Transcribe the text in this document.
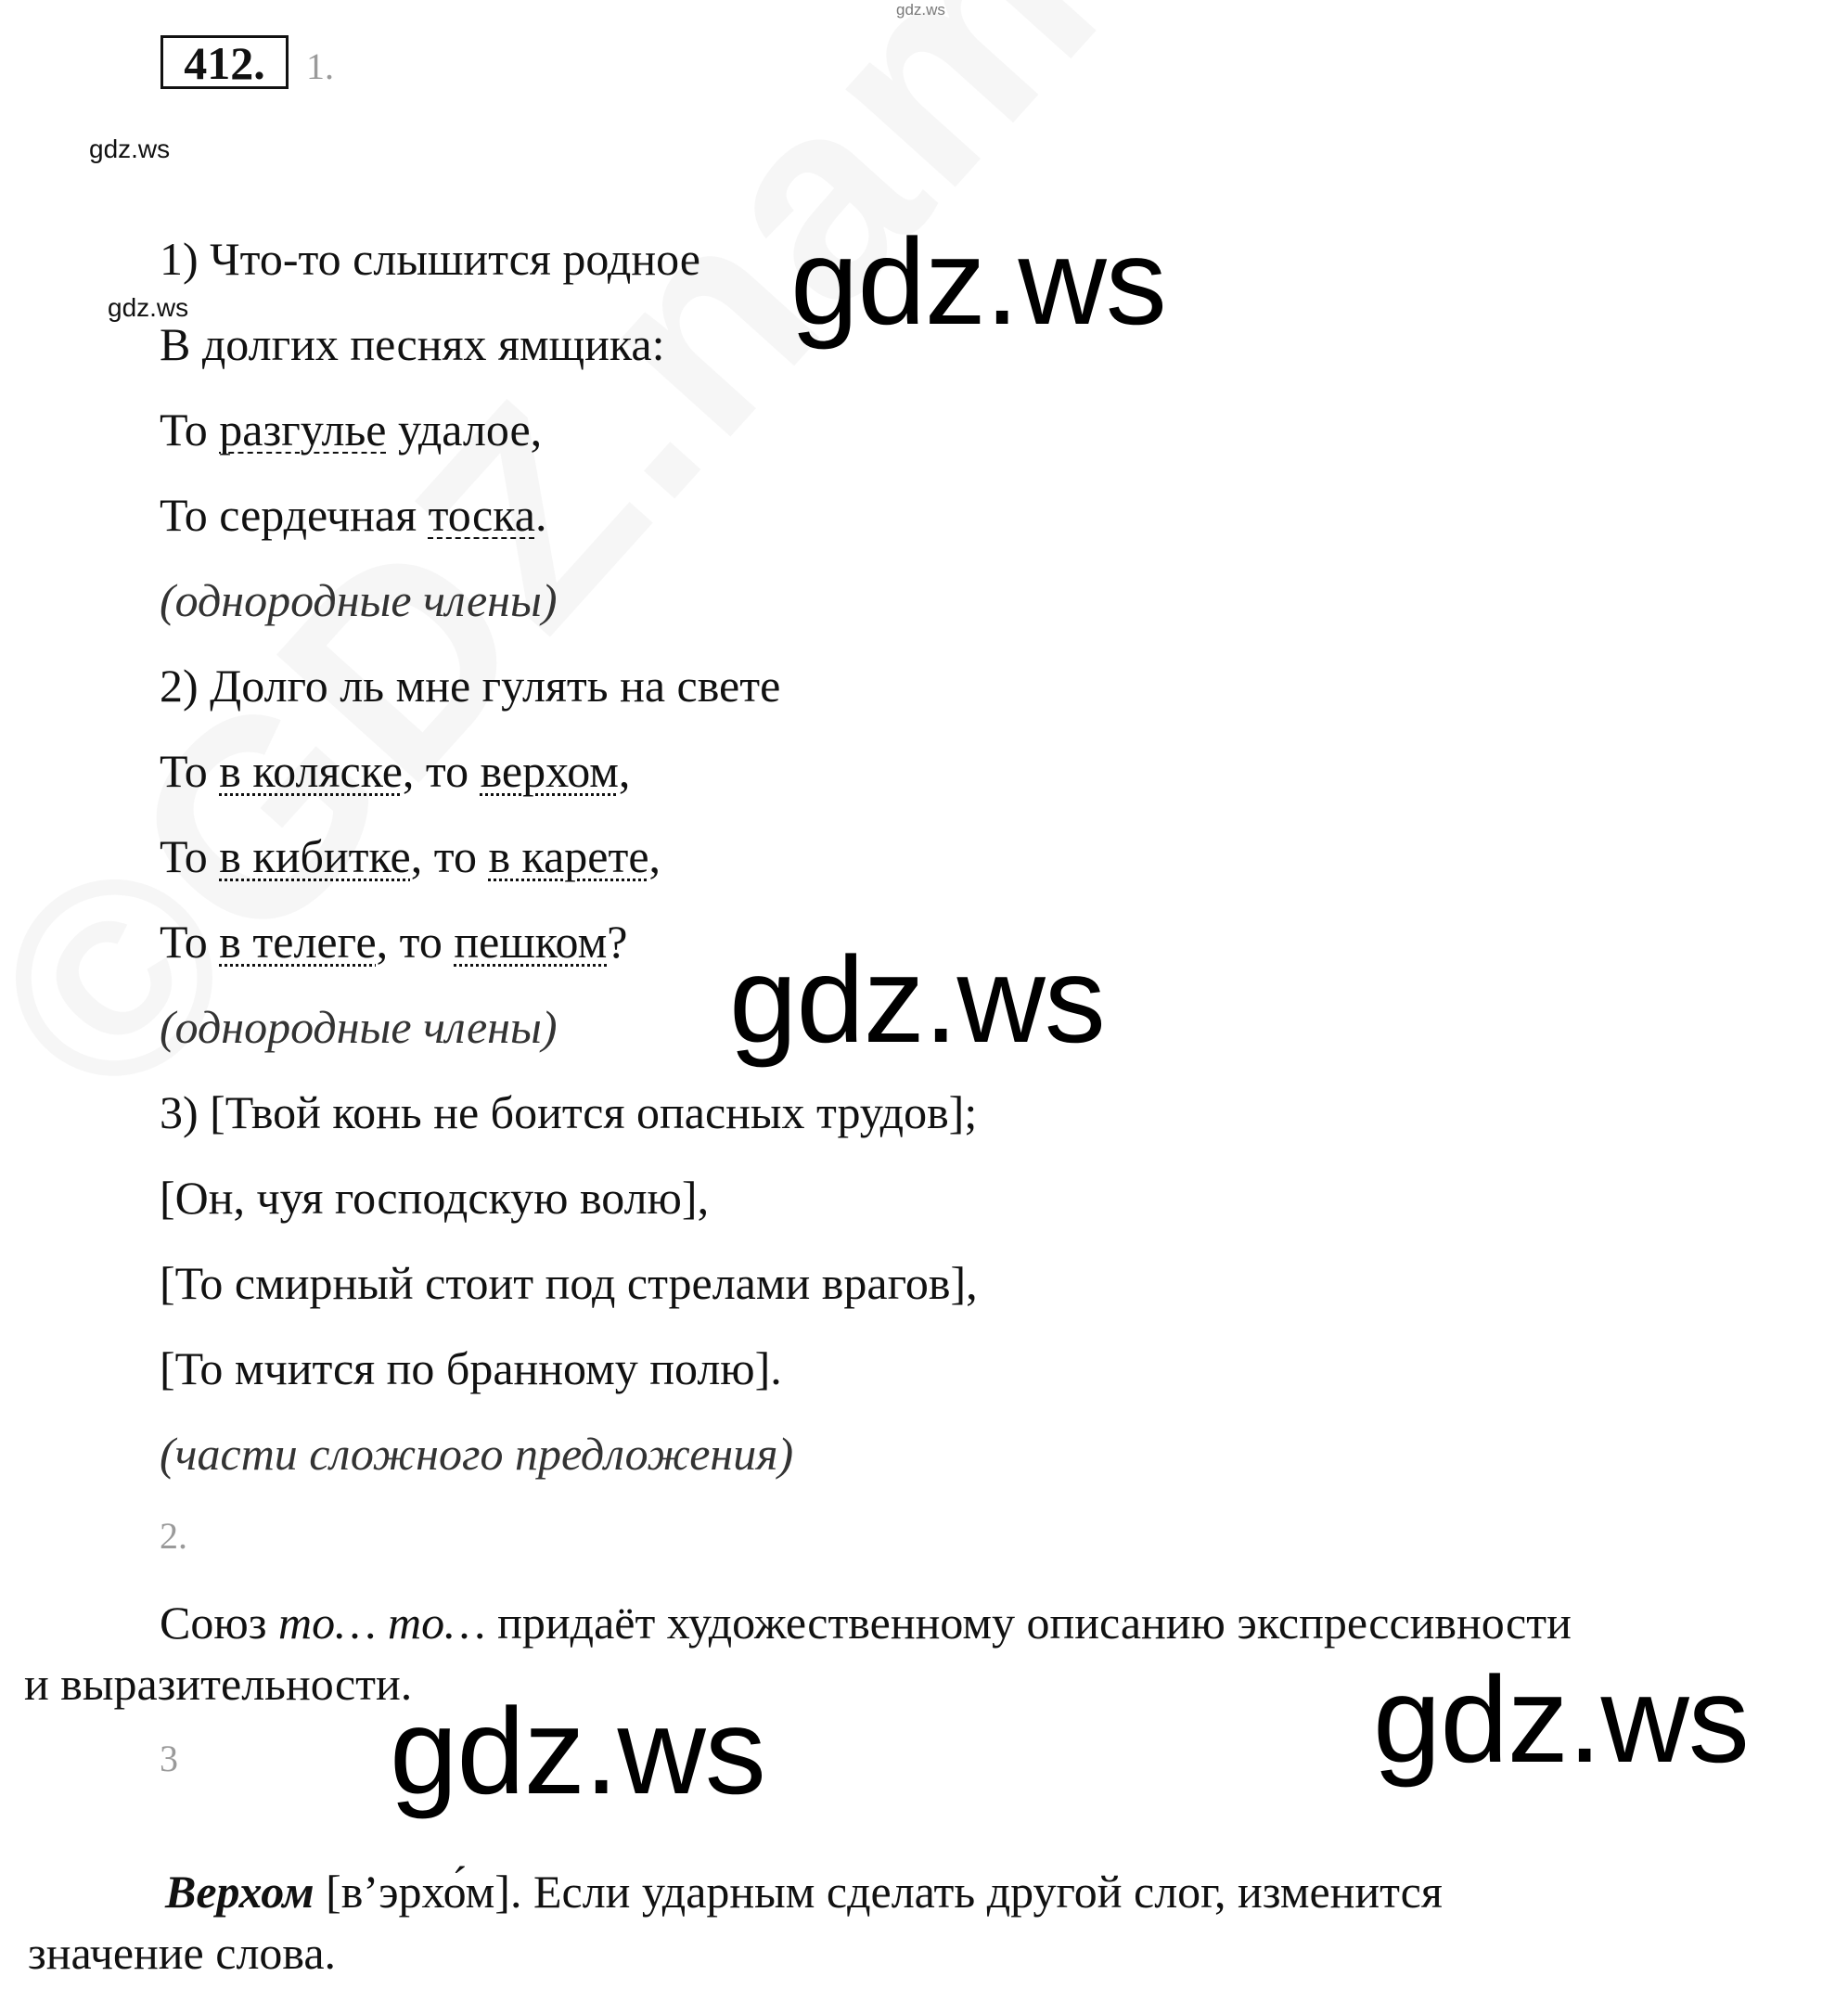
gdz.ws
412.	1.
gdz.ws
gdz.ws
1) Что-то слышится родное
В долгих песнях ямщика:
То разгулье удалое,
То сердечная тоска.
(однородные члены)
2) Долго ль мне гулять на свете
То в коляске, то верхом,
То в кибитке, то в карете,
То в телеге, то пешком?
(однородные члены)
3) [Твой конь не боится опасных трудов];
[Он, чуя господскую волю],
[То смирный стоит под стрелами врагов],
[То мчится по бранному полю].
(части сложного предложения)
2.
Союз то… то… придаёт художественному описанию экспрессивности
и выразительности.
3
Верхом [в’эрхо́м]. Если ударным сделать другой слог, изменится
значение слова.
gdz.ws
gdz.ws
gdz.ws
gdz.ws
